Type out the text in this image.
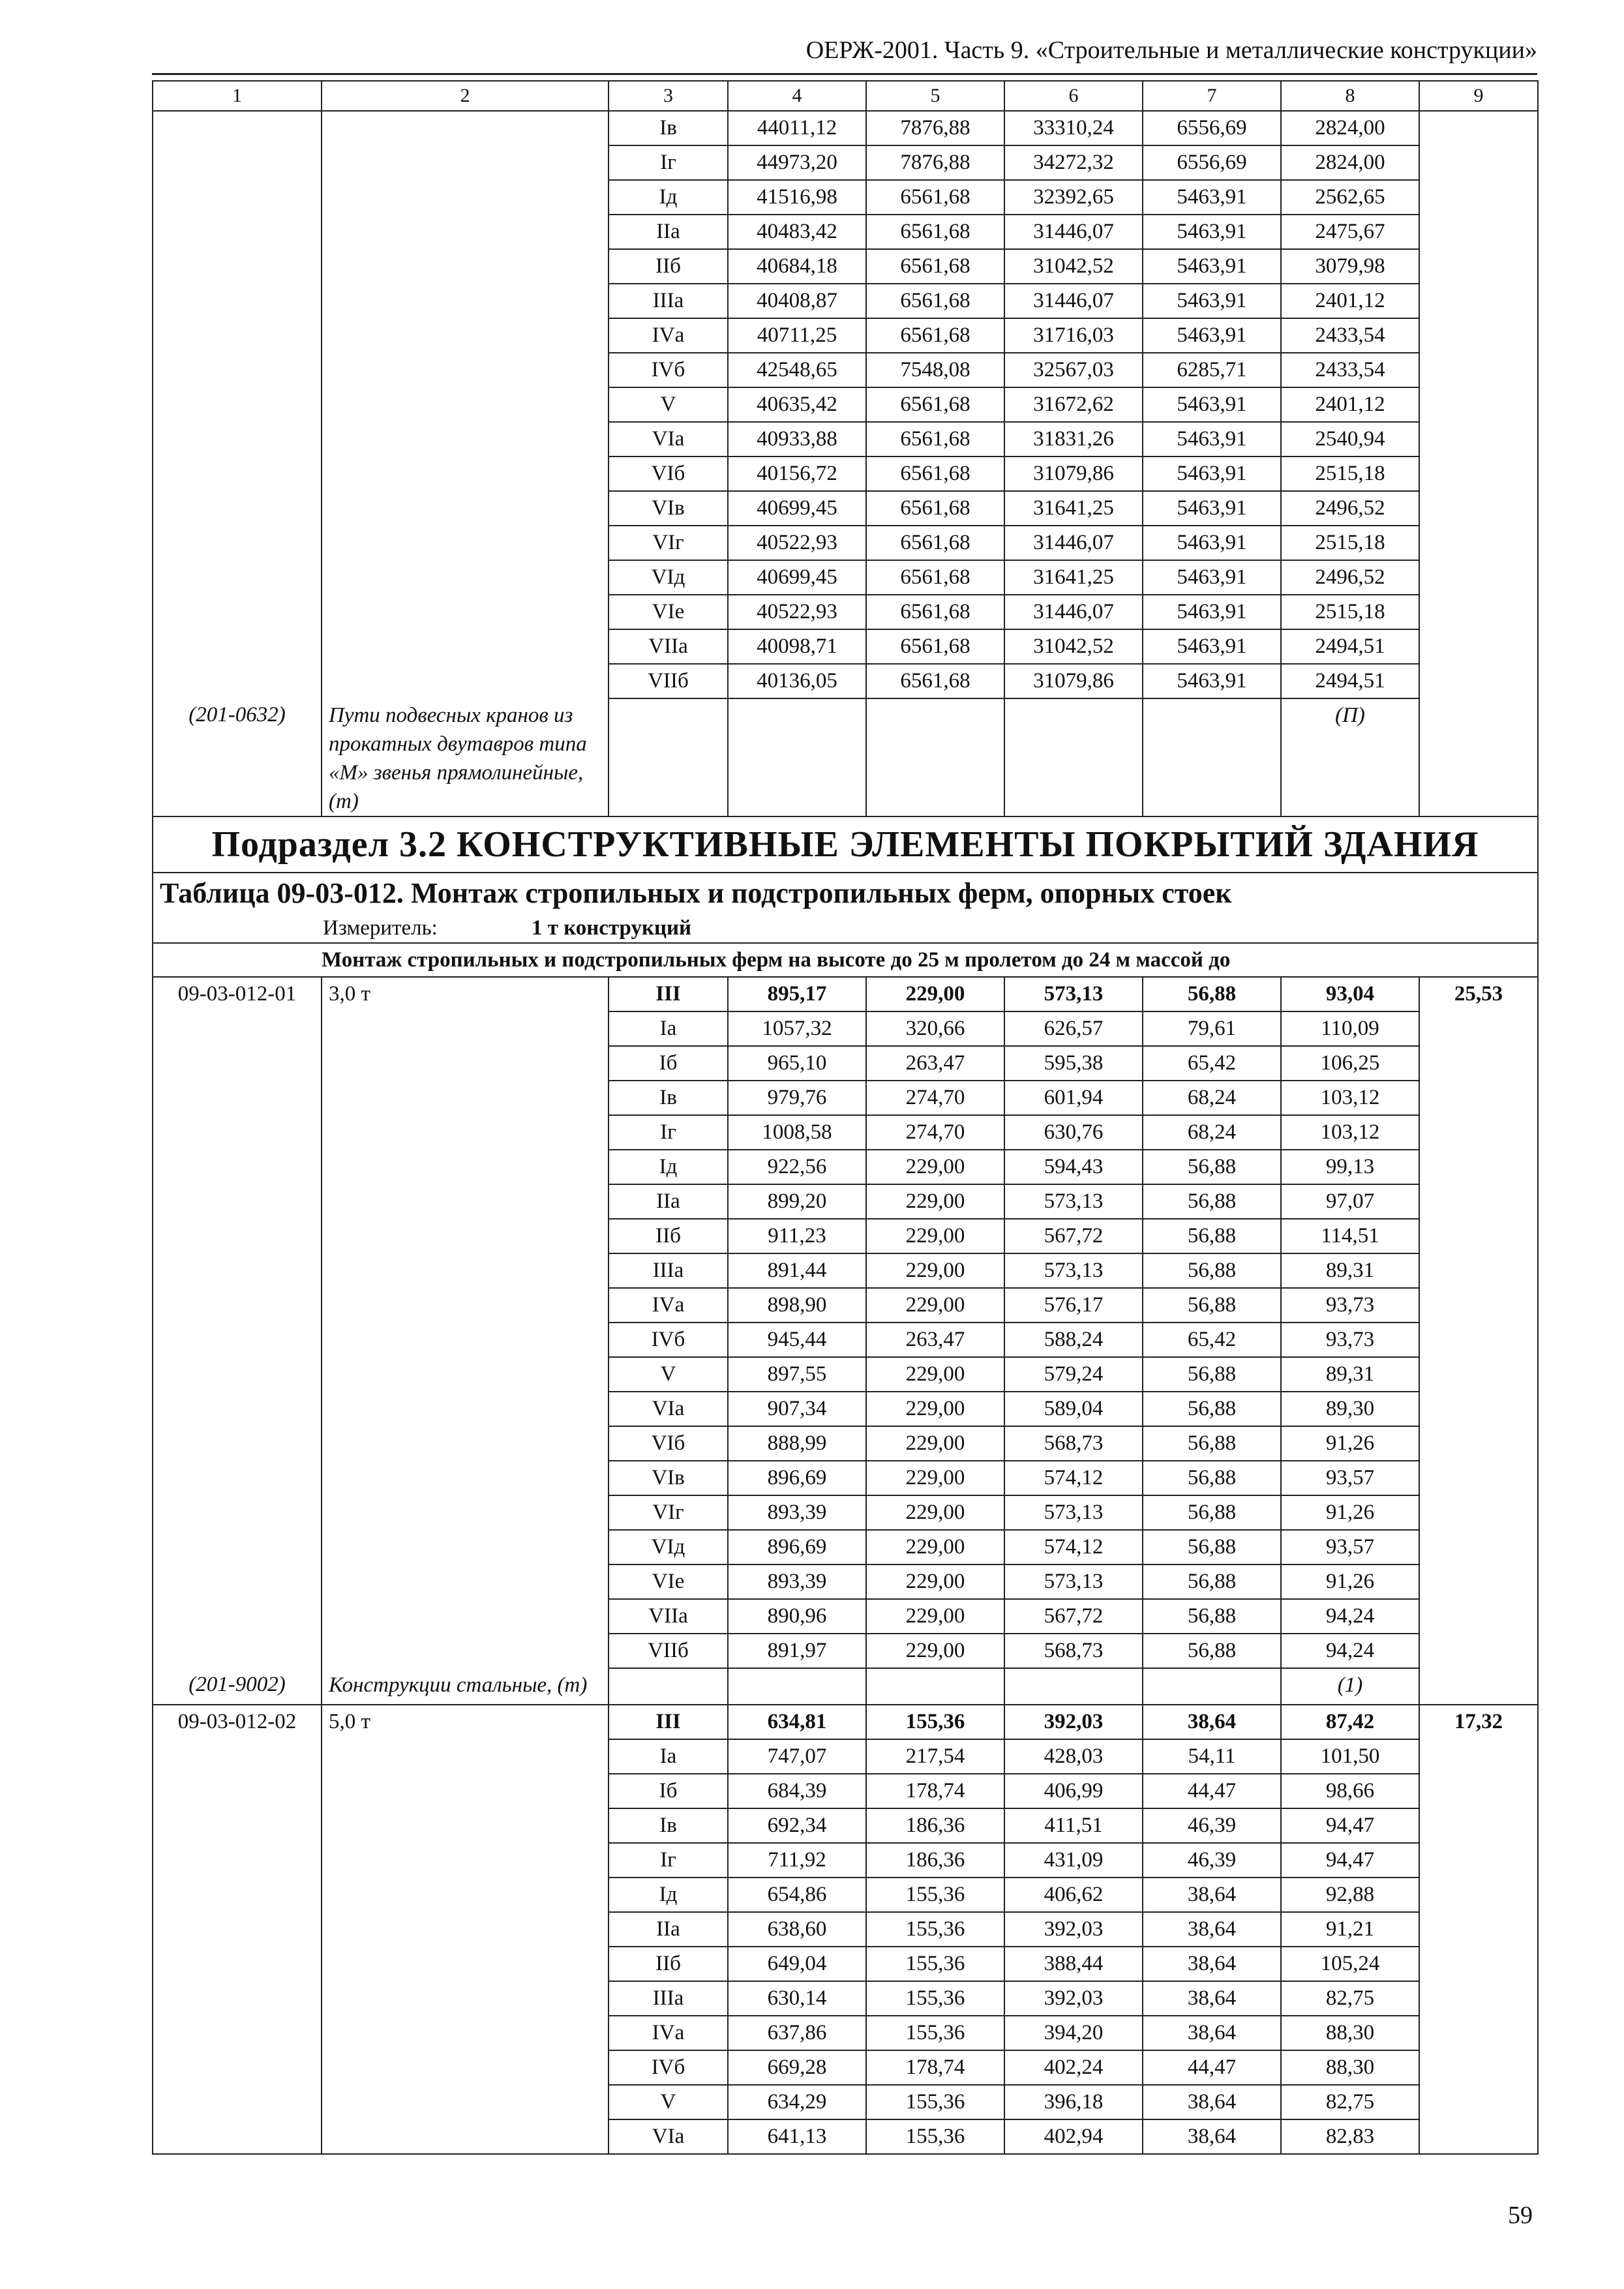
ОЕРЖ-2001. Часть 9. «Строительные и металлические конструкции»
1	2	3	4	5	6	7	8	9
		Iв	44011,12	7876,88	33310,24	6556,69	2824,00	
		Iг	44973,20	7876,88	34272,32	6556,69	2824,00	
		Iд	41516,98	6561,68	32392,65	5463,91	2562,65	
		IIа	40483,42	6561,68	31446,07	5463,91	2475,67	
		IIб	40684,18	6561,68	31042,52	5463,91	3079,98	
		IIIа	40408,87	6561,68	31446,07	5463,91	2401,12	
		IVа	40711,25	6561,68	31716,03	5463,91	2433,54	
		IVб	42548,65	7548,08	32567,03	6285,71	2433,54	
		V	40635,42	6561,68	31672,62	5463,91	2401,12	
		VIа	40933,88	6561,68	31831,26	5463,91	2540,94	
		VIб	40156,72	6561,68	31079,86	5463,91	2515,18	
		VIв	40699,45	6561,68	31641,25	5463,91	2496,52	
		VIг	40522,93	6561,68	31446,07	5463,91	2515,18	
		VIд	40699,45	6561,68	31641,25	5463,91	2496,52	
		VIе	40522,93	6561,68	31446,07	5463,91	2515,18	
		VIIа	40098,71	6561,68	31042,52	5463,91	2494,51	
		VIIб	40136,05	6561,68	31079,86	5463,91	2494,51	
(201-0632)	Пути подвесных кранов из прокатных двутавров типа «М» звенья прямолинейные, (т)						(П)	
Подраздел 3.2 КОНСТРУКТИВНЫЕ ЭЛЕМЕНТЫ ПОКРЫТИЙ ЗДАНИЯ								
Таблица 09-03-012. Монтаж стропильных и подстропильных ферм, опорных стоек								
Измеритель: 1 т конструкций								
Монтаж стропильных и подстропильных ферм на высоте до 25 м пролетом до 24 м массой до								
09-03-012-01	3,0 т	III	895,17	229,00	573,13	56,88	93,04	25,53
		Iа	1057,32	320,66	626,57	79,61	110,09	
		Iб	965,10	263,47	595,38	65,42	106,25	
		Iв	979,76	274,70	601,94	68,24	103,12	
		Iг	1008,58	274,70	630,76	68,24	103,12	
		Iд	922,56	229,00	594,43	56,88	99,13	
		IIа	899,20	229,00	573,13	56,88	97,07	
		IIб	911,23	229,00	567,72	56,88	114,51	
		IIIа	891,44	229,00	573,13	56,88	89,31	
		IVа	898,90	229,00	576,17	56,88	93,73	
		IVб	945,44	263,47	588,24	65,42	93,73	
		V	897,55	229,00	579,24	56,88	89,31	
		VIа	907,34	229,00	589,04	56,88	89,30	
		VIб	888,99	229,00	568,73	56,88	91,26	
		VIв	896,69	229,00	574,12	56,88	93,57	
		VIг	893,39	229,00	573,13	56,88	91,26	
		VIд	896,69	229,00	574,12	56,88	93,57	
		VIе	893,39	229,00	573,13	56,88	91,26	
		VIIа	890,96	229,00	567,72	56,88	94,24	
		VIIб	891,97	229,00	568,73	56,88	94,24	
(201-9002)	Конструкции стальные, (т)						(1)	
09-03-012-02	5,0 т	III	634,81	155,36	392,03	38,64	87,42	17,32
		Iа	747,07	217,54	428,03	54,11	101,50	
		Iб	684,39	178,74	406,99	44,47	98,66	
		Iв	692,34	186,36	411,51	46,39	94,47	
		Iг	711,92	186,36	431,09	46,39	94,47	
		Iд	654,86	155,36	406,62	38,64	92,88	
		IIа	638,60	155,36	392,03	38,64	91,21	
		IIб	649,04	155,36	388,44	38,64	105,24	
		IIIа	630,14	155,36	392,03	38,64	82,75	
		IVа	637,86	155,36	394,20	38,64	88,30	
		IVб	669,28	178,74	402,24	44,47	88,30	
		V	634,29	155,36	396,18	38,64	82,75	
		VIа	641,13	155,36	402,94	38,64	82,83	
59
